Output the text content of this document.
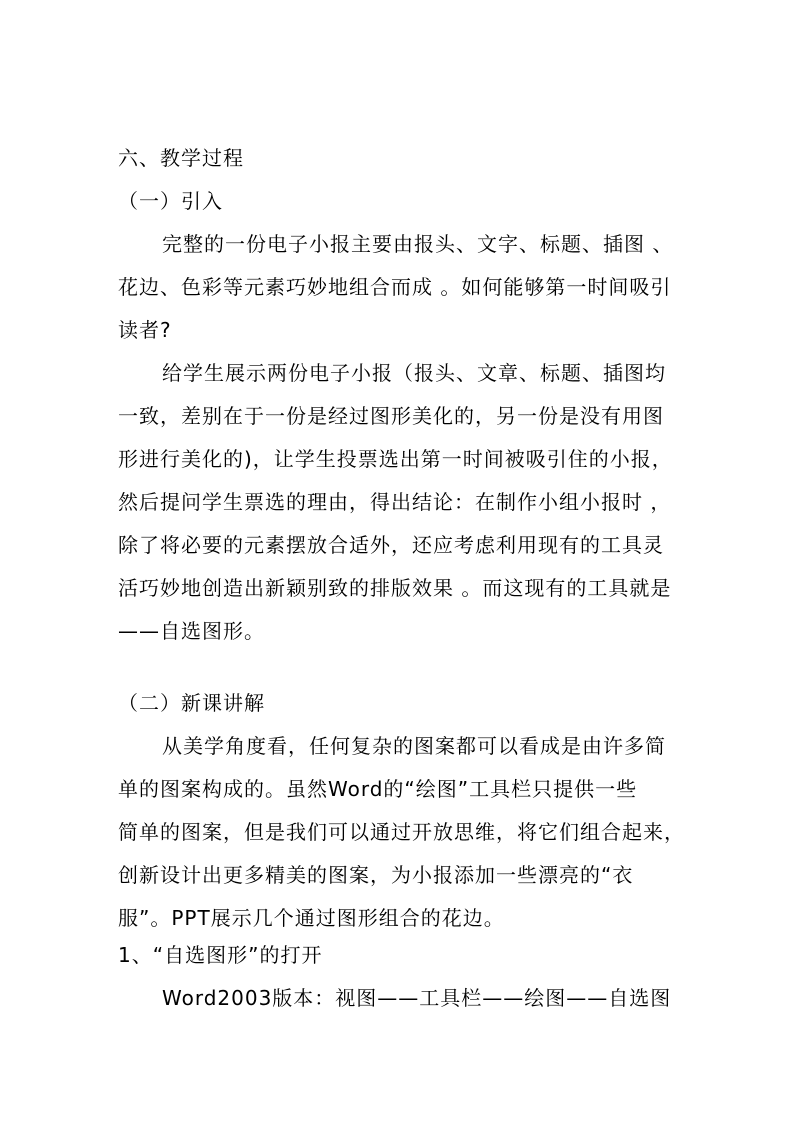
六、教学过程
（一）引入
完整的一份电子小报主要由报头、文字、标题、插图 、
花边、色彩等元素巧妙地组合而成 。如何能够第一时间吸引
读者?
给学生展示两份电子小报（报头、文章、标题、插图均
一致，差别在于一份是经过图形美化的，另一份是没有用图
形进行美化的)，让学生投票选出第一时间被吸引住的小报，
然后提问学生票选的理由，得出结论：在制作小组小报时 ，
除了将必要的元素摆放合适外，还应考虑利用现有的工具灵
活巧妙地创造出新颖别致的排版效果 。而这现有的工具就是
——自选图形。
（二）新课讲解
从美学角度看，任何复杂的图案都可以看成是由许多简
单的图案构成的。虽然Word的“绘图”工具栏只提供一些
简单的图案，但是我们可以通过开放思维，将它们组合起来，
创新设计出更多精美的图案，为小报添加一些漂亮的“衣
服”。PPT展示几个通过图形组合的花边。
1、“自选图形”的打开
Word2003版本：视图——工具栏——绘图——自选图
